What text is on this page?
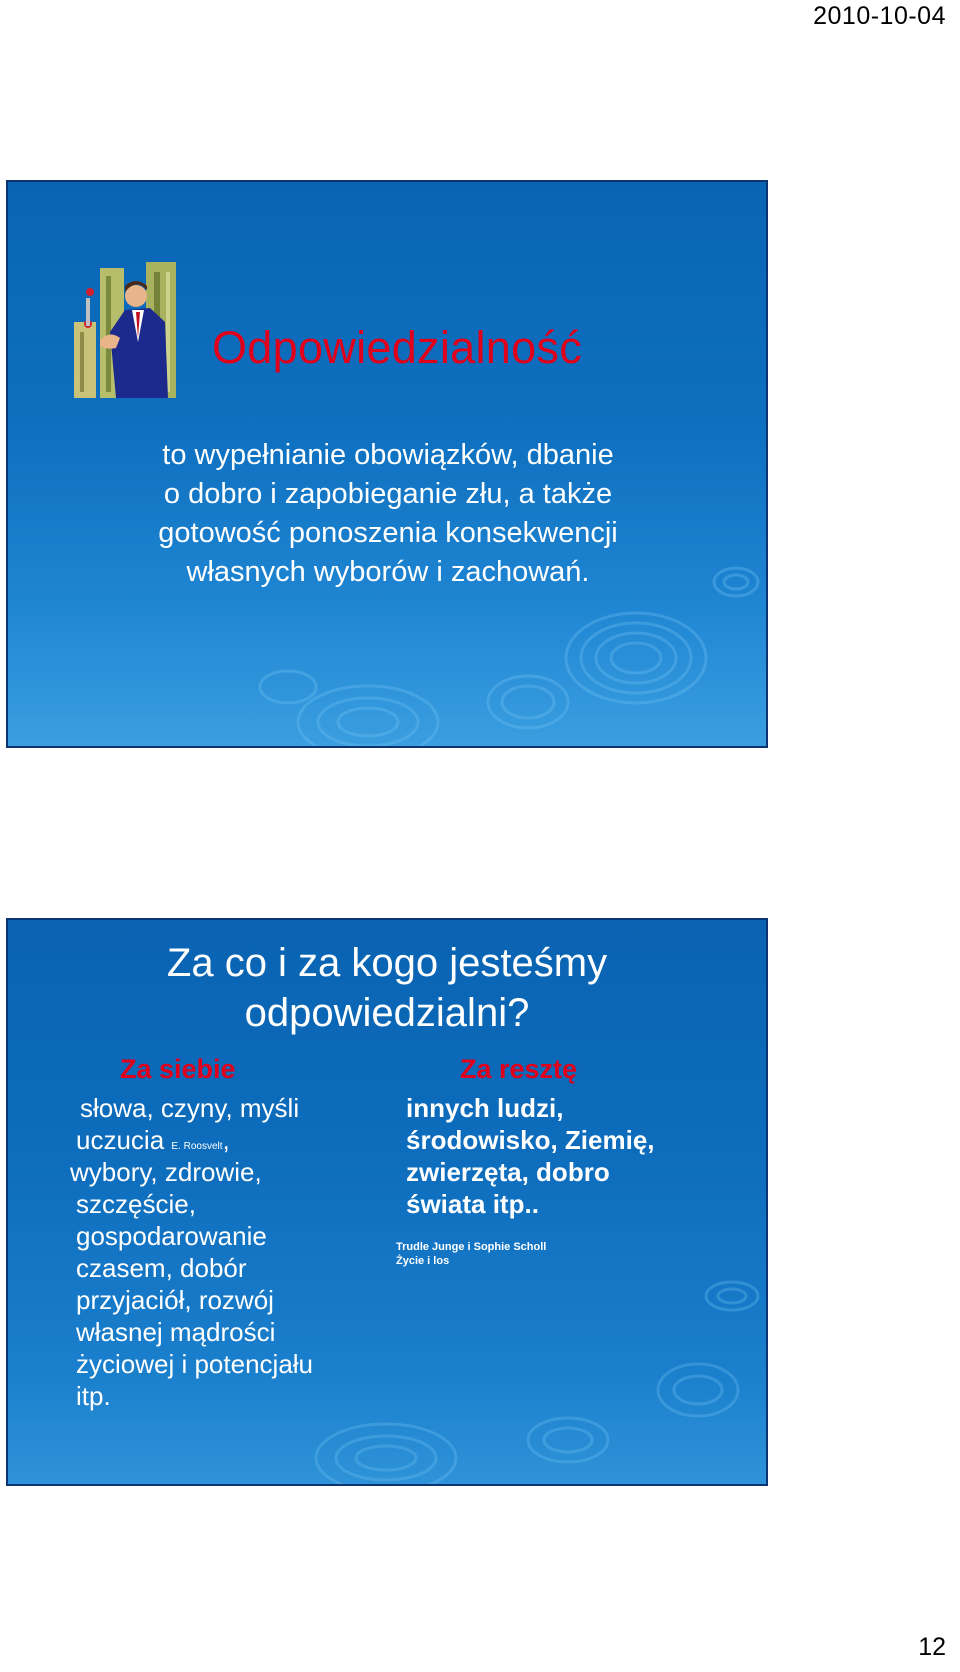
2010-10-04
Odpowiedzialność
to wypełnianie obowiązków, dbanie
o dobro i zapobieganie złu, a także
gotowość ponoszenia konsekwencji
własnych wyborów i zachowań.
Za co i za kogo jesteśmy
odpowiedzialni?
Za siebie
słowa, czyny, myśli
uczucia E. Roosvelt,
wybory, zdrowie,
szczęście,
gospodarowanie
czasem, dobór
przyjaciół, rozwój
własnej mądrości
życiowej i potencjału
itp.
Za resztę
innych ludzi,
środowisko, Ziemię,
zwierzęta, dobro
świata itp..
Trudle Junge i Sophie Scholl
Życie i los
12
